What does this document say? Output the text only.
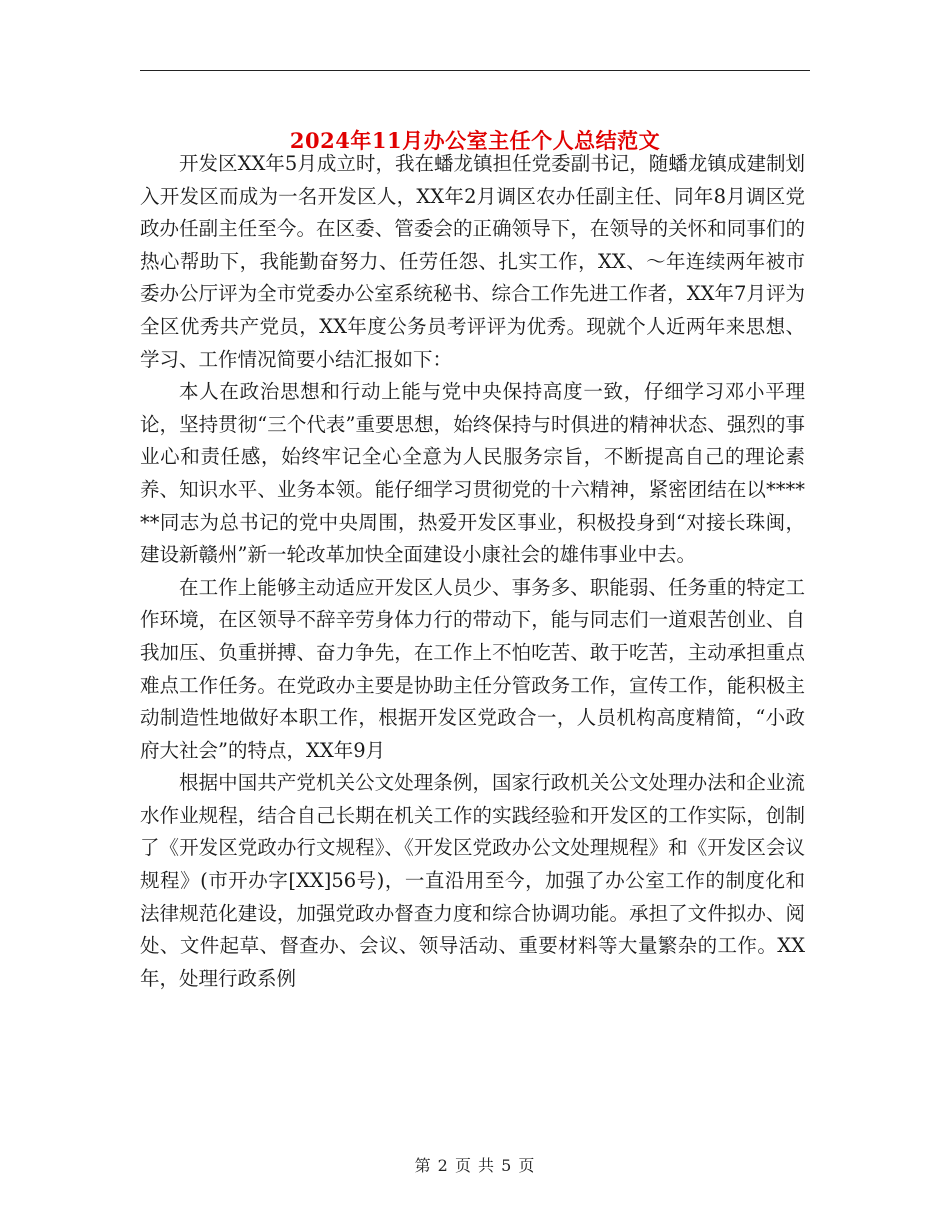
2024年11月办公室主任个人总结范文

开发区XX年5月成立时，我在蟠龙镇担任党委副书记，随蟠龙镇成建制划入开发区而成为一名开发区人，XX年2月调区农办任副主任、同年8月调区党政办任副主任至今。在区委、管委会的正确领导下，在领导的关怀和同事们的热心帮助下，我能勤奋努力、任劳任怨、扎实工作，XX、～年连续两年被市委办公厅评为全市党委办公室系统秘书、综合工作先进工作者，XX年7月评为全区优秀共产党员，XX年度公务员考评评为优秀。现就个人近两年来思想、学习、工作情况简要小结汇报如下：

本人在政治思想和行动上能与党中央保持高度一致，仔细学习邓小平理论，坚持贯彻“三个代表”重要思想，始终保持与时俱进的精神状态、强烈的事业心和责任感，始终牢记全心全意为人民服务宗旨，不断提高自己的理论素养、知识水平、业务本领。能仔细学习贯彻党的十六精神，紧密团结在以******同志为总书记的党中央周围，热爱开发区事业，积极投身到“对接长珠闽，建设新赣州”新一轮改革加快全面建设小康社会的雄伟事业中去。

在工作上能够主动适应开发区人员少、事务多、职能弱、任务重的特定工作环境，在区领导不辞辛劳身体力行的带动下，能与同志们一道艰苦创业、自我加压、负重拼搏、奋力争先，在工作上不怕吃苦、敢于吃苦，主动承担重点难点工作任务。在党政办主要是协助主任分管政务工作，宣传工作，能积极主动制造性地做好本职工作，根据开发区党政合一，人员机构高度精简，“小政府大社会”的特点，XX年9月

根据中国共产党机关公文处理条例，国家行政机关公文处理办法和企业流水作业规程，结合自己长期在机关工作的实践经验和开发区的工作实际，创制了《开发区党政办行文规程》、《开发区党政办公文处理规程》和《开发区会议规程》(市开办字[XX]56号)，一直沿用至今，加强了办公室工作的制度化和法律规范化建设，加强党政办督查力度和综合协调功能。承担了文件拟办、阅处、文件起草、督查办、会议、领导活动、重要材料等大量繁杂的工作。XX年，处理行政系例

第 2 页 共 5 页
